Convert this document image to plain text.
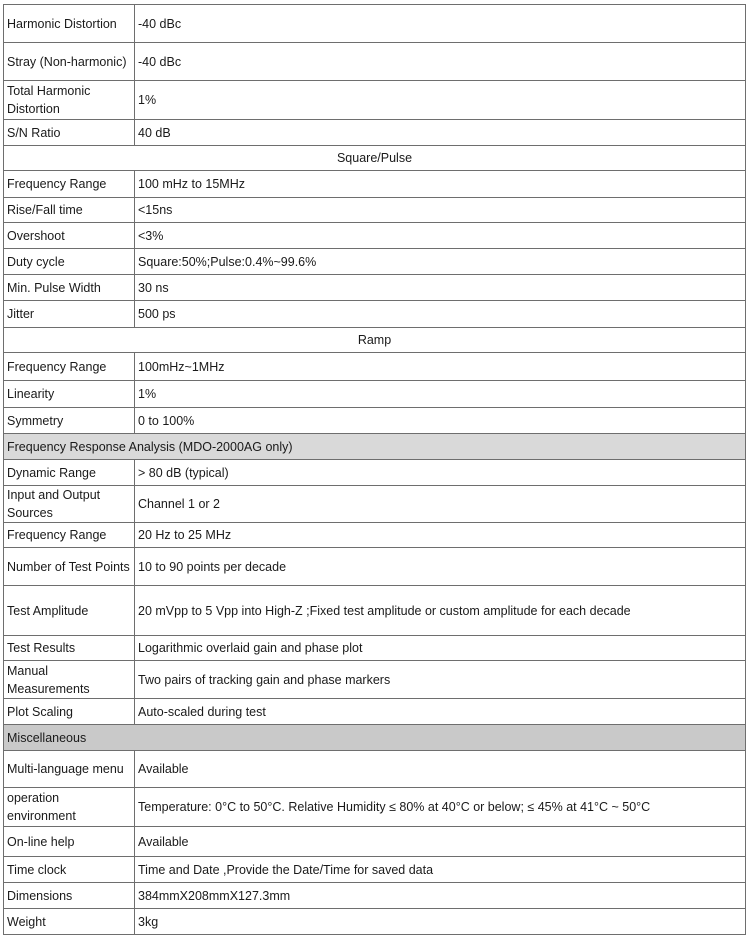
Harmonic Distortion	-40 dBc
Stray (Non-harmonic)	-40 dBc
Total Harmonic Distortion	1%
S/N Ratio	40 dB
Square/Pulse	
Frequency Range	100 mHz to 15MHz
Rise/Fall time	<15ns
Overshoot	<3%
Duty cycle	Square:50%;Pulse:0.4%~99.6%
Min. Pulse Width	30 ns
Jitter	500 ps
Ramp	
Frequency Range	100mHz~1MHz
Linearity	1%
Symmetry	0 to 100%
Frequency Response Analysis (MDO-2000AG only)	
Dynamic Range	> 80 dB (typical)
Input and Output Sources	Channel 1 or 2
Frequency Range	20 Hz to 25 MHz
Number of Test Points	10 to 90 points per decade
Test Amplitude	20 mVpp to 5 Vpp into High-Z ;Fixed test amplitude or custom amplitude for each decade
Test Results	Logarithmic overlaid gain and phase plot
Manual Measurements	Two pairs of tracking gain and phase markers
Plot Scaling	Auto-scaled during test
Miscellaneous	
Multi-language menu	Available
operation environment	Temperature: 0°C to 50°C. Relative Humidity ≤ 80% at 40°C or below; ≤ 45% at 41°C ~ 50°C
On-line help	Available
Time clock	Time and Date ,Provide the Date/Time for saved data
Dimensions	384mmX208mmX127.3mm
Weight	3kg
